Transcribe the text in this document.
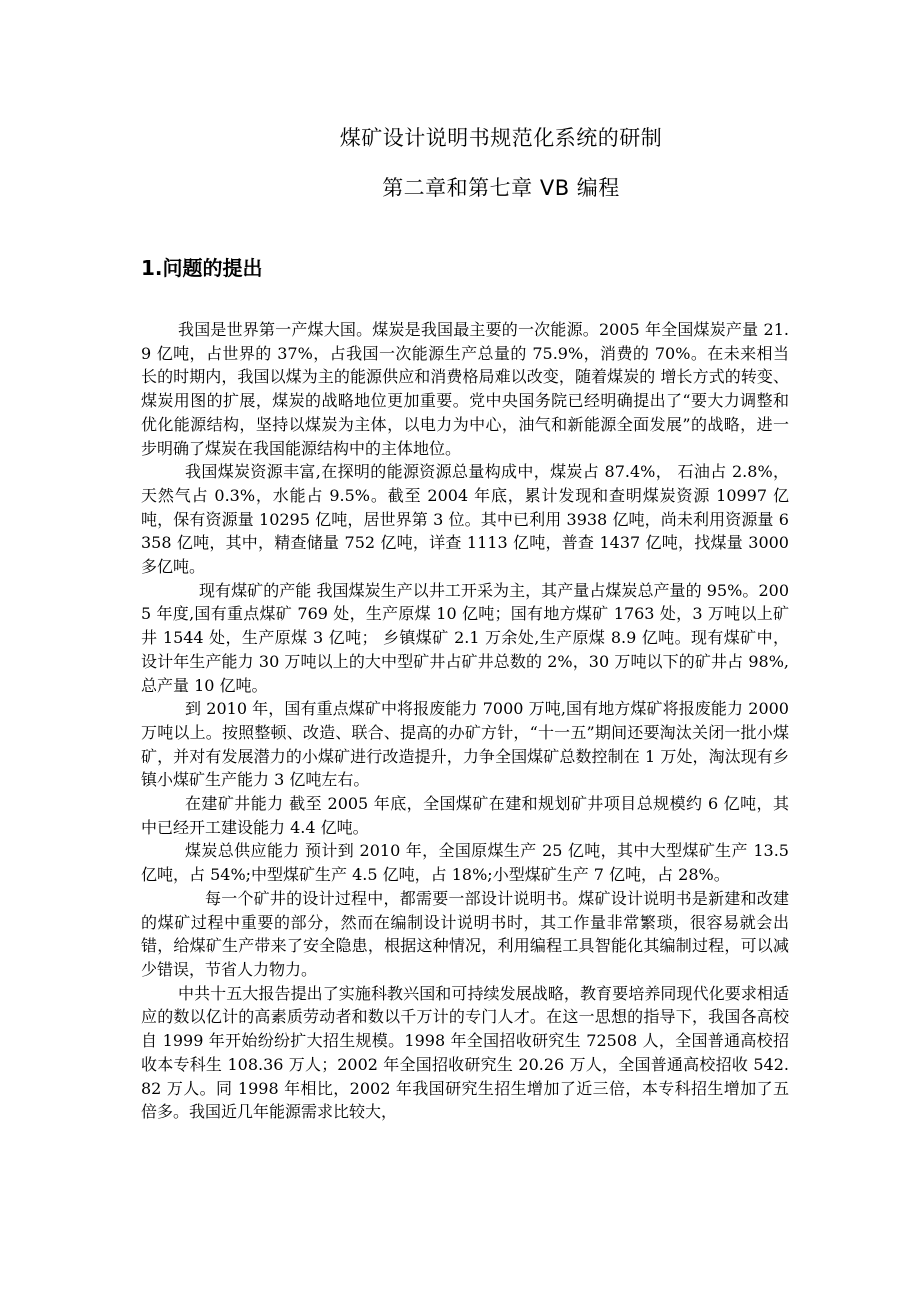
煤矿设计说明书规范化系统的研制
第二章和第七章 VB 编程
1.问题的提出

我国是世界第一产煤大国。煤炭是我国最主要的一次能源。2005 年全国煤炭产量 21.9 亿吨，占世界的 37%，占我国一次能源生产总量的 75.9%，消费的 70%。在未来相当长的时期内，我国以煤为主的能源供应和消费格局难以改变，随着煤炭的 增长方式的转变、煤炭用图的扩展，煤炭的战略地位更加重要。党中央国务院已经明确提出了“要大力调整和优化能源结构，坚持以煤炭为主体，以电力为中心，油气和新能源全面发展”的战略，进一步明确了煤炭在我国能源结构中的主体地位。

我国煤炭资源丰富,在探明的能源资源总量构成中，煤炭占 87.4%， 石油占 2.8%，天然气占 0.3%，水能占 9.5%。截至 2004 年底，累计发现和查明煤炭资源 10997 亿吨，保有资源量 10295 亿吨，居世界第 3 位。其中已利用 3938 亿吨，尚未利用资源量 6358 亿吨，其中，精查储量 752 亿吨，详查 1113 亿吨，普查 1437 亿吨，找煤量 3000 多亿吨。

现有煤矿的产能 我国煤炭生产以井工开采为主，其产量占煤炭总产量的 95%。2005 年度,国有重点煤矿 769 处，生产原煤 10 亿吨；国有地方煤矿 1763 处，3 万吨以上矿井 1544 处，生产原煤 3 亿吨； 乡镇煤矿 2.1 万余处,生产原煤 8.9 亿吨。现有煤矿中，设计年生产能力 30 万吨以上的大中型矿井占矿井总数的 2%，30 万吨以下的矿井占 98%,总产量 10 亿吨。

到 2010 年，国有重点煤矿中将报废能力 7000 万吨,国有地方煤矿将报废能力 2000 万吨以上。按照整顿、改造、联合、提高的办矿方针，“十一五”期间还要淘汰关闭一批小煤矿，并对有发展潜力的小煤矿进行改造提升，力争全国煤矿总数控制在 1 万处，淘汰现有乡镇小煤矿生产能力 3 亿吨左右。

在建矿井能力 截至 2005 年底，全国煤矿在建和规划矿井项目总规模约 6 亿吨，其中已经开工建设能力 4.4 亿吨。

煤炭总供应能力 预计到 2010 年，全国原煤生产 25 亿吨，其中大型煤矿生产 13.5 亿吨，占 54%;中型煤矿生产 4.5 亿吨，占 18%;小型煤矿生产 7 亿吨，占 28%。

每一个矿井的设计过程中，都需要一部设计说明书。煤矿设计说明书是新建和改建的煤矿过程中重要的部分，然而在编制设计说明书时，其工作量非常繁琐，很容易就会出错，给煤矿生产带来了安全隐患，根据这种情况，利用编程工具智能化其编制过程，可以减少错误，节省人力物力。

中共十五大报告提出了实施科教兴国和可持续发展战略，教育要培养同现代化要求相适应的数以亿计的高素质劳动者和数以千万计的专门人才。在这一思想的指导下，我国各高校自 1999 年开始纷纷扩大招生规模。1998 年全国招收研究生 72508 人，全国普通高校招收本专科生 108.36 万人；2002 年全国招收研究生 20.26 万人，全国普通高校招收 542.82 万人。同 1998 年相比，2002 年我国研究生招生增加了近三倍，本专科招生增加了五倍多。我国近几年能源需求比较大，
